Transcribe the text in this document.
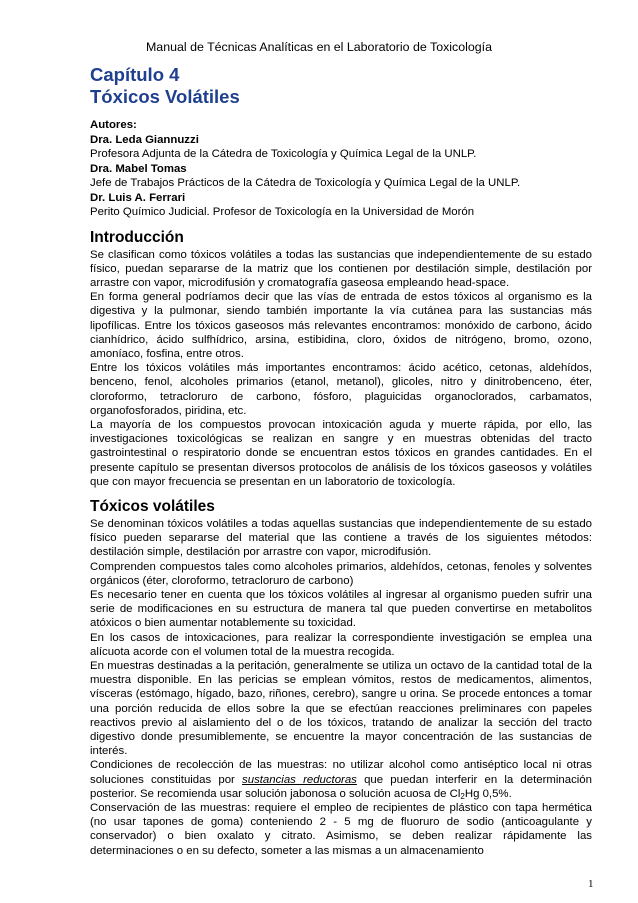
Manual de Técnicas Analíticas en el Laboratorio de Toxicología
Capítulo 4
Tóxicos Volátiles
Autores:
Dra. Leda Giannuzzi
Profesora Adjunta de la Cátedra de Toxicología y Química Legal de la UNLP.
Dra. Mabel Tomas
Jefe de Trabajos Prácticos de la Cátedra de Toxicología y Química Legal de la UNLP.
Dr. Luis A. Ferrari
Perito Químico Judicial. Profesor de Toxicología en la Universidad de Morón
Introducción

Se clasifican como tóxicos volátiles a todas las sustancias que independientemente de su estado físico, puedan separarse de la matriz que los contienen por destilación simple, destilación por arrastre con vapor, microdifusión y cromatografía gaseosa empleando head-space.

En forma general podríamos decir que las vías de entrada de estos tóxicos al organismo es la digestiva y la pulmonar, siendo también importante la vía cutánea para las sustancias más lipofílicas. Entre los tóxicos gaseosos más relevantes encontramos: monóxido de carbono, ácido cianhídrico, ácido sulfhídrico, arsina, estibidina, cloro, óxidos de nitrógeno, bromo, ozono, amoníaco, fosfina, entre otros.

Entre los tóxicos volátiles más importantes encontramos: ácido acético, cetonas, aldehídos, benceno, fenol, alcoholes primarios (etanol, metanol), glicoles, nitro y dinitrobenceno, éter, cloroformo, tetracloruro de carbono, fósforo, plaguicidas organoclorados, carbamatos, organofosforados, piridina, etc.

La mayoría de los compuestos provocan intoxicación aguda y muerte rápida, por ello, las investigaciones toxicológicas se realizan en sangre y en muestras obtenidas del tracto gastrointestinal o respiratorio donde se encuentran estos tóxicos en grandes cantidades. En el presente capítulo se presentan diversos protocolos de análisis de los tóxicos gaseosos y volátiles que con mayor frecuencia se presentan en un laboratorio de toxicología.

Tóxicos volátiles

Se denominan tóxicos volátiles a todas aquellas sustancias que independientemente de su estado físico pueden separarse del material que las contiene a través de los siguientes métodos: destilación simple, destilación por arrastre con vapor, microdifusión.

Comprenden compuestos tales como alcoholes primarios, aldehídos, cetonas, fenoles y solventes orgánicos (éter, cloroformo, tetracloruro de carbono)

Es necesario tener en cuenta que los tóxicos volátiles al ingresar al organismo pueden sufrir una serie de modificaciones en su estructura de manera tal que pueden convertirse en metabolitos atóxicos o bien aumentar notablemente su toxicidad.

En los casos de intoxicaciones, para realizar la correspondiente investigación se emplea una alícuota acorde con el volumen total de la muestra recogida.

En muestras destinadas a la peritación, generalmente se utiliza un octavo de la cantidad total de la muestra disponible. En las pericias se emplean vómitos, restos de medicamentos, alimentos, vísceras (estómago, hígado, bazo, riñones, cerebro), sangre u orina. Se procede entonces a tomar una porción reducida de ellos sobre la que se efectúan reacciones preliminares con papeles reactivos previo al aislamiento del o de los tóxicos, tratando de analizar la sección del tracto digestivo donde presumiblemente, se encuentre la mayor concentración de las sustancias de interés.

Condiciones de recolección de las muestras: no utilizar alcohol como antiséptico local ni otras soluciones constituidas por sustancias reductoras que puedan interferir en la determinación posterior. Se recomienda usar solución jabonosa o solución acuosa de $Cl_2Hg$ 0,5%.

Conservación de las muestras: requiere el empleo de recipientes de plástico con tapa hermética (no usar tapones de goma) conteniendo 2 - 5 mg de fluoruro de sodio (anticoagulante y conservador) o bien oxalato y citrato. Asimismo, se deben realizar rápidamente las determinaciones o en su defecto, someter a las mismas a un almacenamiento

1
